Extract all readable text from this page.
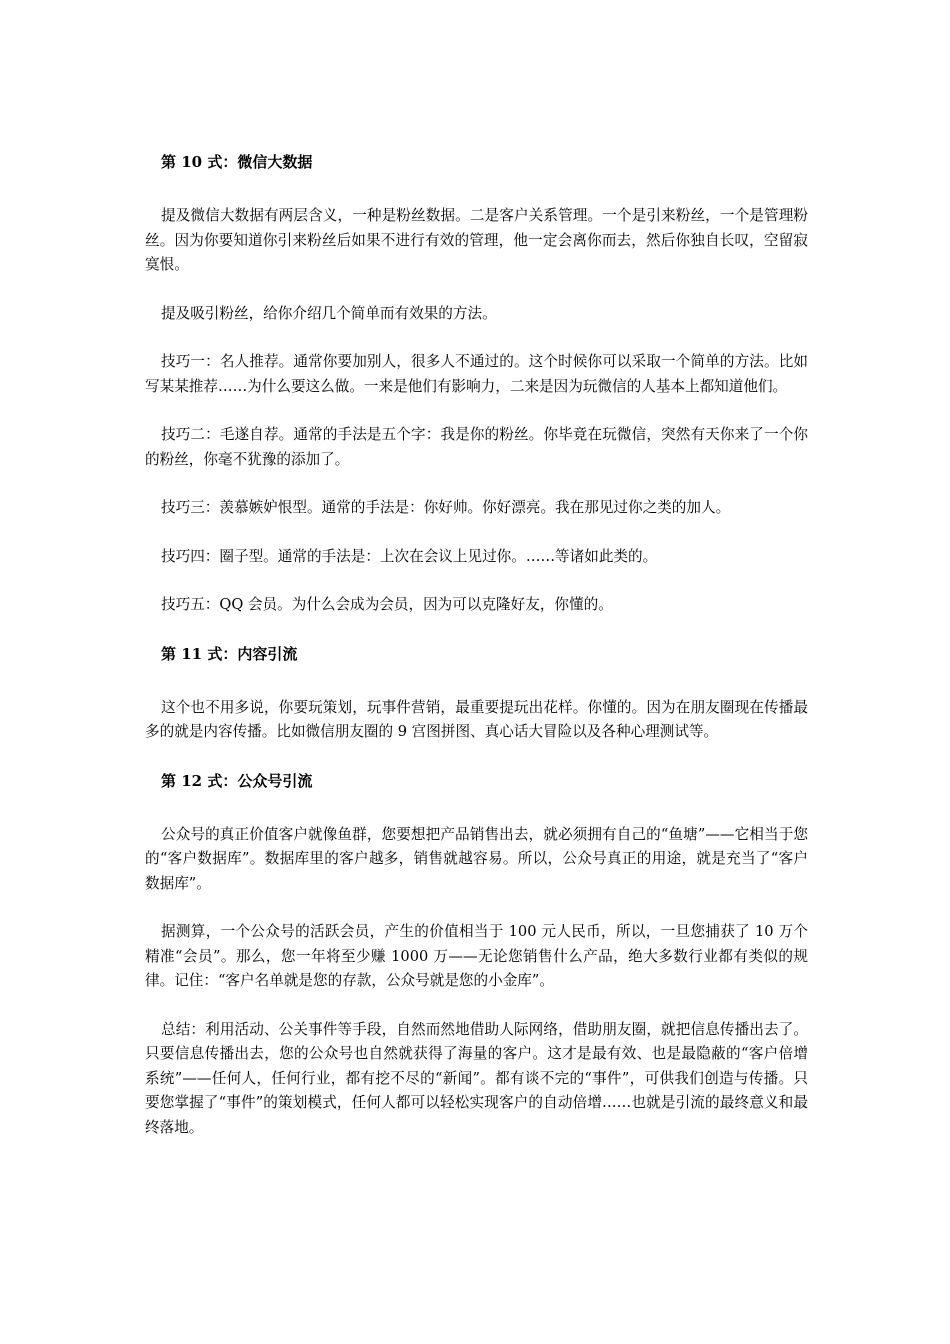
第 10 式：微信大数据

提及微信大数据有两层含义，一种是粉丝数据。二是客户关系管理。一个是引来粉丝，一个是管理粉丝。因为你要知道你引来粉丝后如果不进行有效的管理，他一定会离你而去，然后你独自长叹，空留寂寞恨。

提及吸引粉丝，给你介绍几个简单而有效果的方法。

技巧一：名人推荐。通常你要加别人，很多人不通过的。这个时候你可以采取一个简单的方法。比如写某某推荐……为什么要这么做。一来是他们有影响力，二来是因为玩微信的人基本上都知道他们。

技巧二：毛遂自荐。通常的手法是五个字：我是你的粉丝。你毕竟在玩微信，突然有天你来了一个你的粉丝，你毫不犹豫的添加了。

技巧三：羡慕嫉妒恨型。通常的手法是：你好帅。你好漂亮。我在那见过你之类的加人。

技巧四：圈子型。通常的手法是：上次在会议上见过你。……等诸如此类的。

技巧五：QQ 会员。为什么会成为会员，因为可以克隆好友，你懂的。

第 11 式：内容引流

这个也不用多说，你要玩策划，玩事件营销，最重要提玩出花样。你懂的。因为在朋友圈现在传播最多的就是内容传播。比如微信朋友圈的 9 宫图拼图、真心话大冒险以及各种心理测试等。

第 12 式：公众号引流

公众号的真正价值客户就像鱼群，您要想把产品销售出去，就必须拥有自己的“鱼塘”——它相当于您的“客户数据库”。数据库里的客户越多，销售就越容易。所以，公众号真正的用途，就是充当了“客户数据库”。

据测算，一个公众号的活跃会员，产生的价值相当于 100 元人民币，所以，一旦您捕获了 10 万个精准“会员”。那么，您一年将至少赚 1000 万——无论您销售什么产品，绝大多数行业都有类似的规律。记住：“客户名单就是您的存款，公众号就是您的小金库”。

总结：利用活动、公关事件等手段，自然而然地借助人际网络，借助朋友圈，就把信息传播出去了。只要信息传播出去，您的公众号也自然就获得了海量的客户。这才是最有效、也是最隐蔽的“客户倍增系统”——任何人，任何行业，都有挖不尽的“新闻”。都有谈不完的“事件”，可供我们创造与传播。只要您掌握了“事件”的策划模式，任何人都可以轻松实现客户的自动倍增……也就是引流的最终意义和最终落地。
